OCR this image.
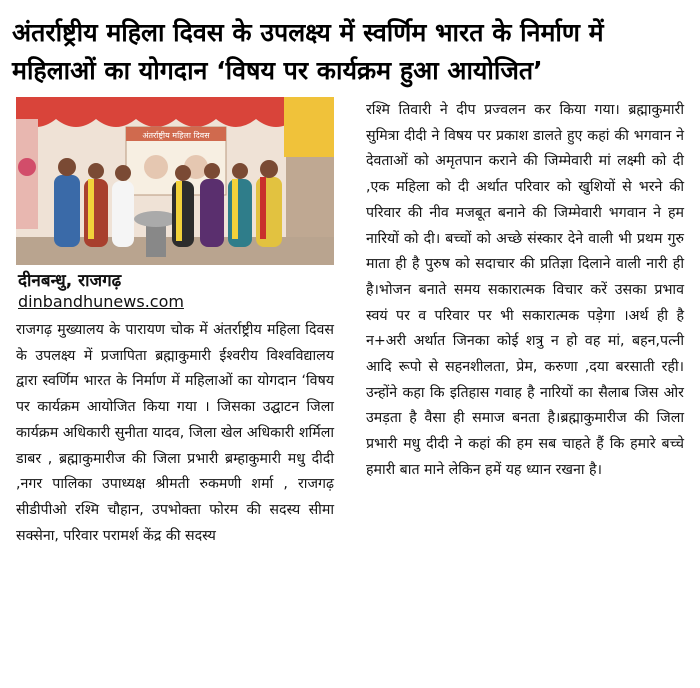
अंतर्राष्ट्रीय महिला दिवस के उपलक्ष्य में स्वर्णिम भारत के निर्माण में महिलाओं का योगदान ‘विषय पर कार्यक्रम हुआ आयोजित’
अंतर्राष्ट्रीय महिला दिवस
दीनबन्धु, राजगढ़
dinbandhunews.com

राजगढ़ मुख्यालय के पारायण चोक में अंतर्राष्ट्रीय महिला दिवस के उपलक्ष्य में प्रजापिता ब्रह्माकुमारी ईश्वरीय विश्वविद्यालय द्वारा स्वर्णिम भारत के निर्माण में महिलाओं का योगदान ‘विषय पर कार्यक्रम आयोजित किया गया । जिसका उद्घाटन जिला कार्यक्रम अधिकारी सुनीता यादव, जिला खेल अधिकारी शर्मिला डाबर , ब्रह्माकुमारीज की जिला प्रभारी ब्रम्हाकुमारी मधु दीदी ,नगर पालिका उपाध्यक्ष श्रीमती रुकमणी शर्मा , राजगढ़ सीडीपीओ रश्मि चौहान, उपभोक्ता फोरम की सदस्य सीमा सक्सेना, परिवार परामर्श केंद्र की सदस्य

रश्मि तिवारी ने दीप प्रज्वलन कर किया गया। ब्रह्माकुमारी सुमित्रा दीदी ने विषय पर प्रकाश डालते हुए कहां की भगवान ने देवताओं को अमृतपान कराने की जिम्मेवारी मां लक्ष्मी को दी ,एक महिला को दी अर्थात परिवार को खुशियों से भरने की परिवार की नीव मजबूत बनाने की जिम्मेवारी भगवान ने हम नारियों को दी। बच्चों को अच्छे संस्कार देने वाली भी प्रथम गुरु माता ही है पुरुष को सदाचार की प्रतिज्ञा दिलाने वाली नारी ही है।भोजन बनाते समय सकारात्मक विचार करें उसका प्रभाव स्वयं पर व परिवार पर भी सकारात्मक पड़ेगा ।अर्थ ही है न+अरी अर्थात जिनका कोई शत्रु न हो वह मां, बहन,पत्नी आदि रूपो से सहनशीलता, प्रेम, करुणा ,दया बरसाती रही। उन्होंने कहा कि इतिहास गवाह है नारियों का सैलाब जिस ओर उमड़ता है वैसा ही समाज बनता है।ब्रह्माकुमारीज की जिला प्रभारी मधु दीदी ने कहां की हम सब चाहते हैं कि हमारे बच्चे हमारी बात माने लेकिन हमें यह ध्यान रखना है।
